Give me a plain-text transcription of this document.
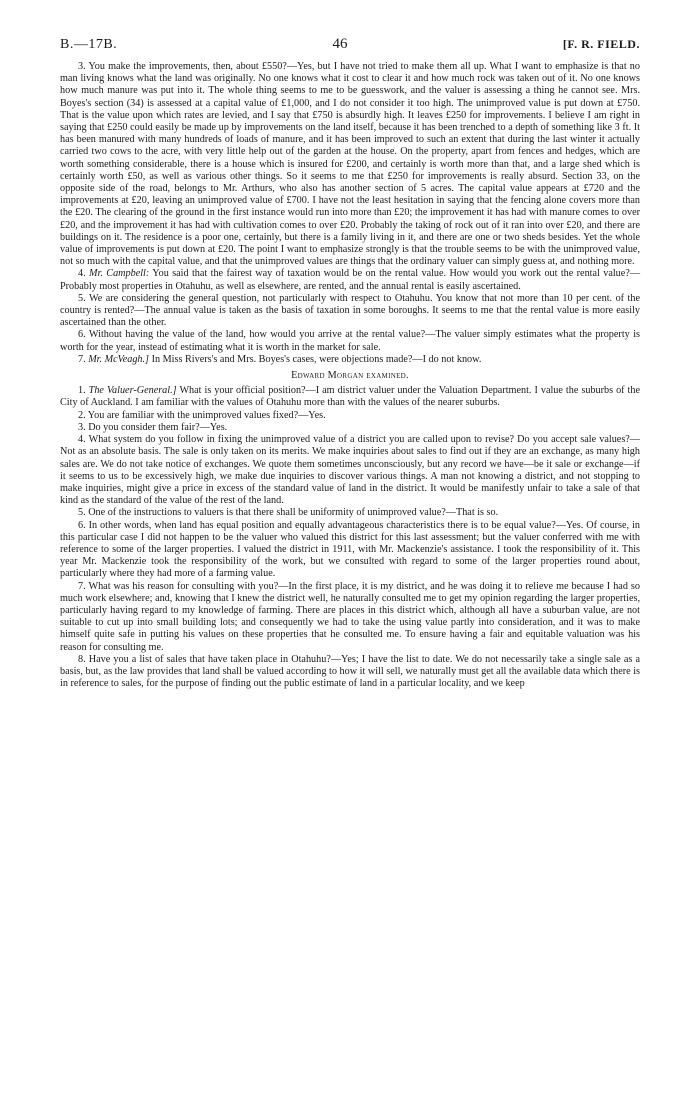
B.—17B.	46	[F. R. FIELD.

3. You make the improvements, then, about £550?—Yes, but I have not tried to make them all up. What I want to emphasize is that no man living knows what the land was originally. No one knows what it cost to clear it and how much rock was taken out of it. No one knows how much manure was put into it. The whole thing seems to me to be guesswork, and the valuer is assessing a thing he cannot see. Mrs. Boyes's section (34) is assessed at a capital value of £1,000, and I do not consider it too high. The unimproved value is put down at £750. That is the value upon which rates are levied, and I say that £750 is absurdly high. It leaves £250 for improvements. I believe I am right in saying that £250 could easily be made up by improvements on the land itself, because it has been trenched to a depth of something like 3 ft. It has been manured with many hundreds of loads of manure, and it has been improved to such an extent that during the last winter it actually carried two cows to the acre, with very little help out of the garden at the house. On the property, apart from fences and hedges, which are worth something considerable, there is a house which is insured for £200, and certainly is worth more than that, and a large shed which is certainly worth £50, as well as various other things. So it seems to me that £250 for improvements is really absurd. Section 33, on the opposite side of the road, belongs to Mr. Arthurs, who also has another section of 5 acres. The capital value appears at £720 and the improvements at £20, leaving an unimproved value of £700. I have not the least hesitation in saying that the fencing alone covers more than the £20. The clearing of the ground in the first instance would run into more than £20; the improvement it has had with manure comes to over £20, and the improvement it has had with cultivation comes to over £20. Probably the taking of rock out of it ran into over £20, and there are buildings on it. The residence is a poor one, certainly, but there is a family living in it, and there are one or two sheds besides. Yet the whole value of improvements is put down at £20. The point I want to emphasize strongly is that the trouble seems to be with the unimproved value, not so much with the capital value, and that the unimproved values are things that the ordinary valuer can simply guess at, and nothing more.

4. Mr. Campbell: You said that the fairest way of taxation would be on the rental value. How would you work out the rental value?—Probably most properties in Otahuhu, as well as elsewhere, are rented, and the annual rental is easily ascertained.

5. We are considering the general question, not particularly with respect to Otahuhu. You know that not more than 10 per cent. of the country is rented?—The annual value is taken as the basis of taxation in some boroughs. It seems to me that the rental value is more easily ascertained than the other.

6. Without having the value of the land, how would you arrive at the rental value?—The valuer simply estimates what the property is worth for the year, instead of estimating what it is worth in the market for sale.

7. Mr. McVeagh.] In Miss Rivers's and Mrs. Boyes's cases, were objections made?—I do not know.

Edward Morgan examined.

1. The Valuer-General.] What is your official position?—I am district valuer under the Valuation Department. I value the suburbs of the City of Auckland. I am familiar with the values of Otahuhu more than with the values of the nearer suburbs.

2. You are familiar with the unimproved values fixed?—Yes.

3. Do you consider them fair?—Yes.

4. What system do you follow in fixing the unimproved value of a district you are called upon to revise? Do you accept sale values?—Not as an absolute basis. The sale is only taken on its merits. We make inquiries about sales to find out if they are an exchange, as many high sales are. We do not take notice of exchanges. We quote them sometimes unconsciously, but any record we have—be it sale or exchange—if it seems to us to be excessively high, we make due inquiries to discover various things. A man not knowing a district, and not stopping to make inquiries, might give a price in excess of the standard value of land in the district. It would be manifestly unfair to take a sale of that kind as the standard of the value of the rest of the land.

5. One of the instructions to valuers is that there shall be uniformity of unimproved value?—That is so.

6. In other words, when land has equal position and equally advantageous characteristics there is to be equal value?—Yes. Of course, in this particular case I did not happen to be the valuer who valued this district for this last assessment; but the valuer conferred with me with reference to some of the larger properties. I valued the district in 1911, with Mr. Mackenzie's assistance. I took the responsibility of it. This year Mr. Mackenzie took the responsibility of the work, but we consulted with regard to some of the larger properties round about, particularly where they had more of a farming value.

7. What was his reason for consulting with you?—In the first place, it is my district, and he was doing it to relieve me because I had so much work elsewhere; and, knowing that I knew the district well, he naturally consulted me to get my opinion regarding the larger properties, particularly having regard to my knowledge of farming. There are places in this district which, although all have a suburban value, are not suitable to cut up into small building lots; and consequently we had to take the using value partly into consideration, and it was to make himself quite safe in putting his values on these properties that he consulted me. To ensure having a fair and equitable valuation was his reason for consulting me.

8. Have you a list of sales that have taken place in Otahuhu?—Yes; I have the list to date. We do not necessarily take a single sale as a basis, but, as the law provides that land shall be valued according to how it will sell, we naturally must get all the available data which there is in reference to sales, for the purpose of finding out the public estimate of land in a particular locality, and we keep
